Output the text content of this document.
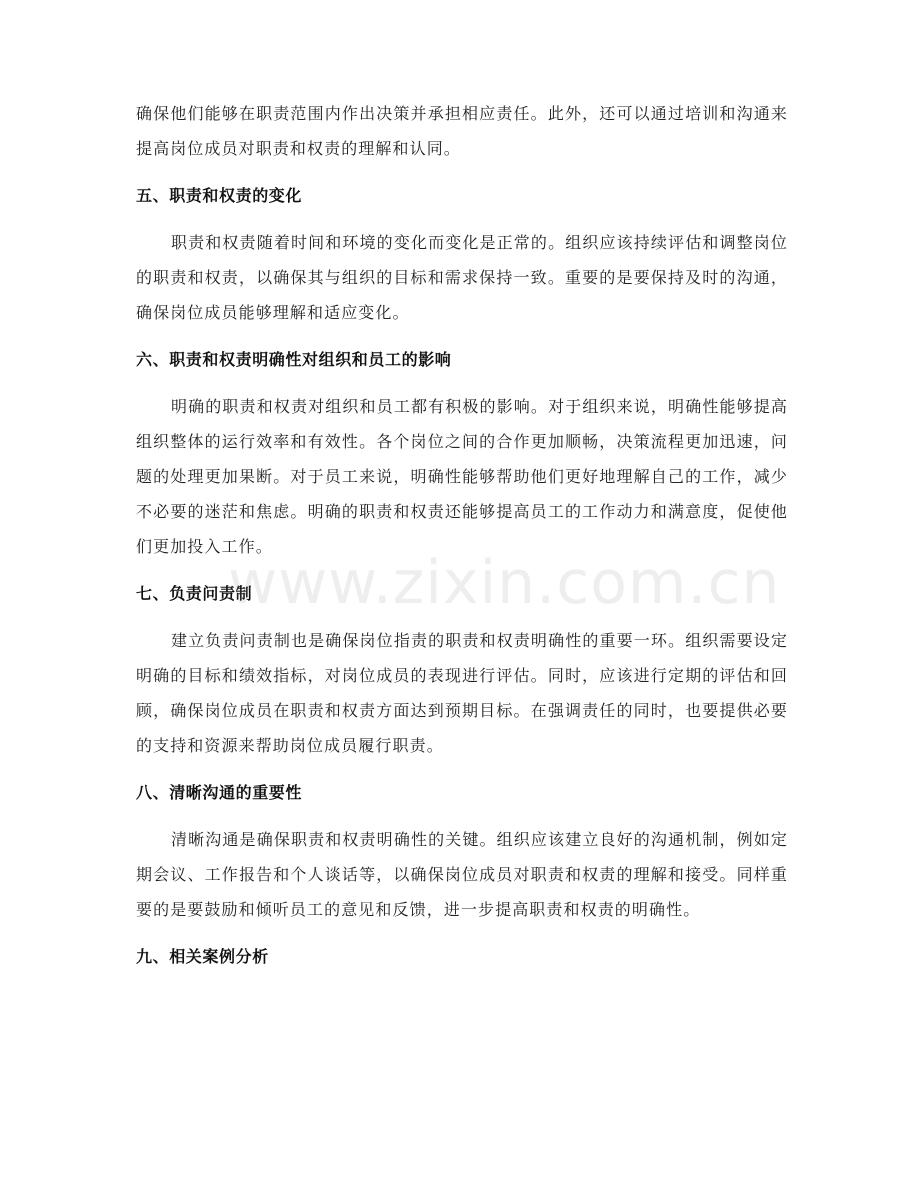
确保他们能够在职责范围内作出决策并承担相应责任。此外，还可以通过培训和沟通来提高岗位成员对职责和权责的理解和认同。

五、职责和权责的变化

职责和权责随着时间和环境的变化而变化是正常的。组织应该持续评估和调整岗位的职责和权责，以确保其与组织的目标和需求保持一致。重要的是要保持及时的沟通，确保岗位成员能够理解和适应变化。

六、职责和权责明确性对组织和员工的影响

明确的职责和权责对组织和员工都有积极的影响。对于组织来说，明确性能够提高组织整体的运行效率和有效性。各个岗位之间的合作更加顺畅，决策流程更加迅速，问题的处理更加果断。对于员工来说，明确性能够帮助他们更好地理解自己的工作，减少不必要的迷茫和焦虑。明确的职责和权责还能够提高员工的工作动力和满意度，促使他们更加投入工作。

七、负责问责制

建立负责问责制也是确保岗位指责的职责和权责明确性的重要一环。组织需要设定明确的目标和绩效指标，对岗位成员的表现进行评估。同时，应该进行定期的评估和回顾，确保岗位成员在职责和权责方面达到预期目标。在强调责任的同时，也要提供必要的支持和资源来帮助岗位成员履行职责。

八、清晰沟通的重要性

清晰沟通是确保职责和权责明确性的关键。组织应该建立良好的沟通机制，例如定期会议、工作报告和个人谈话等，以确保岗位成员对职责和权责的理解和接受。同样重要的是要鼓励和倾听员工的意见和反馈，进一步提高职责和权责的明确性。

九、相关案例分析
www.zixin.com.cn
